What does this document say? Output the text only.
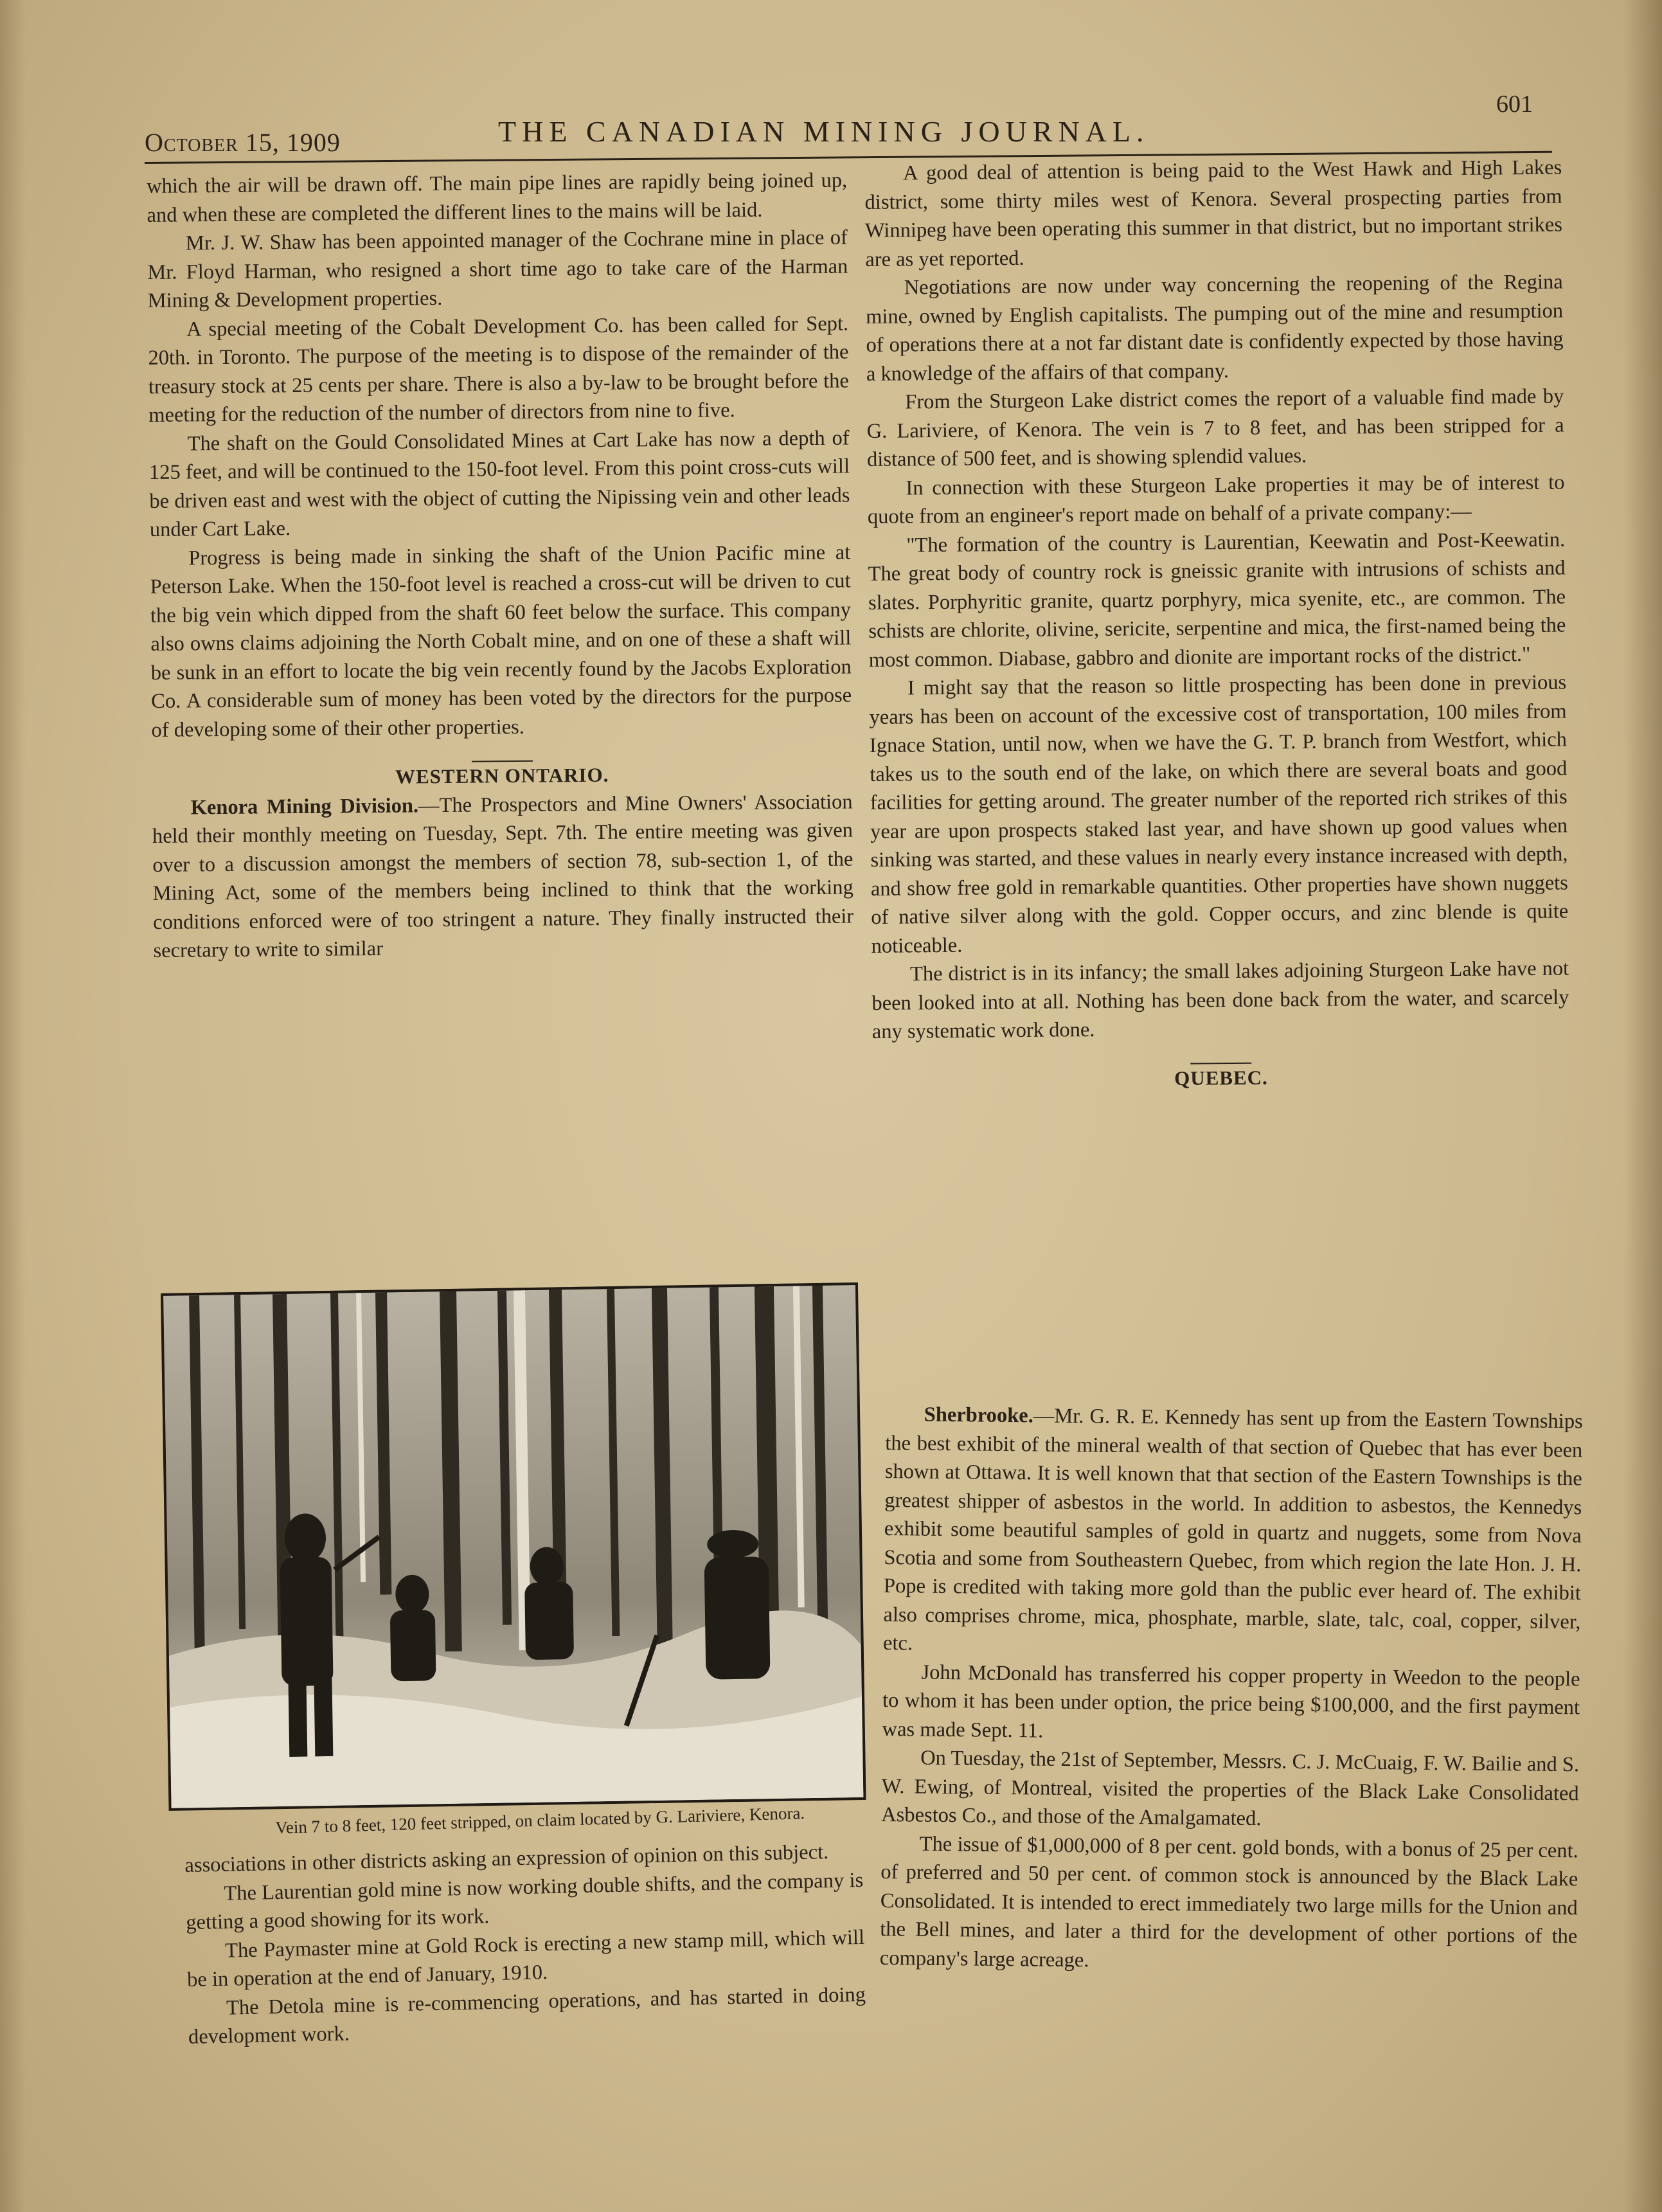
October 15, 1909	THE CANADIAN MINING JOURNAL.
601

which the air will be drawn off. The main pipe lines are rapidly being joined up, and when these are completed the different lines to the mains will be laid.

Mr. J. W. Shaw has been appointed manager of the Cochrane mine in place of Mr. Floyd Harman, who resigned a short time ago to take care of the Harman Mining & Development properties.

A special meeting of the Cobalt Development Co. has been called for Sept. 20th. in Toronto. The purpose of the meeting is to dispose of the remainder of the treasury stock at 25 cents per share. There is also a by-law to be brought before the meeting for the reduction of the number of directors from nine to five.

The shaft on the Gould Consolidated Mines at Cart Lake has now a depth of 125 feet, and will be continued to the 150-foot level. From this point cross-cuts will be driven east and west with the object of cutting the Nipissing vein and other leads under Cart Lake.

Progress is being made in sinking the shaft of the Union Pacific mine at Peterson Lake. When the 150-foot level is reached a cross-cut will be driven to cut the big vein which dipped from the shaft 60 feet below the surface. This company also owns claims adjoining the North Cobalt mine, and on one of these a shaft will be sunk in an effort to locate the big vein recently found by the Jacobs Exploration Co. A considerable sum of money has been voted by the directors for the purpose of developing some of their other properties.

WESTERN ONTARIO.

Kenora Mining Division.—The Prospectors and Mine Owners' Association held their monthly meeting on Tuesday, Sept. 7th. The entire meeting was given over to a discussion amongst the members of section 78, sub-section 1, of the Mining Act, some of the members being inclined to think that the working conditions enforced were of too stringent a nature. They finally instructed their secretary to write to similar

Vein 7 to 8 feet, 120 feet stripped, on claim located by G. Lariviere, Kenora.

associations in other districts asking an expression of opinion on this subject.

The Laurentian gold mine is now working double shifts, and the company is getting a good showing for its work.

The Paymaster mine at Gold Rock is erecting a new stamp mill, which will be in operation at the end of January, 1910.

The Detola mine is re-commencing operations, and has started in doing development work.

A good deal of attention is being paid to the West Hawk and High Lakes district, some thirty miles west of Kenora. Several prospecting parties from Winnipeg have been operating this summer in that district, but no important strikes are as yet reported.

Negotiations are now under way concerning the reopening of the Regina mine, owned by English capitalists. The pumping out of the mine and resumption of operations there at a not far distant date is confidently expected by those having a knowledge of the affairs of that company.

From the Sturgeon Lake district comes the report of a valuable find made by G. Lariviere, of Kenora. The vein is 7 to 8 feet, and has been stripped for a distance of 500 feet, and is showing splendid values.

In connection with these Sturgeon Lake properties it may be of interest to quote from an engineer's report made on behalf of a private company:—

"The formation of the country is Laurentian, Keewatin and Post-Keewatin. The great body of country rock is gneissic granite with intrusions of schists and slates. Porphyritic granite, quartz porphyry, mica syenite, etc., are common. The schists are chlorite, olivine, sericite, serpentine and mica, the first-named being the most common. Diabase, gabbro and dionite are important rocks of the district."

I might say that the reason so little prospecting has been done in previous years has been on account of the excessive cost of transportation, 100 miles from Ignace Station, until now, when we have the G. T. P. branch from Westfort, which takes us to the south end of the lake, on which there are several boats and good facilities for getting around. The greater number of the reported rich strikes of this year are upon prospects staked last year, and have shown up good values when sinking was started, and these values in nearly every instance increased with depth, and show free gold in remarkable quantities. Other properties have shown nuggets of native silver along with the gold. Copper occurs, and zinc blende is quite noticeable.

The district is in its infancy; the small lakes adjoining Sturgeon Lake have not been looked into at all. Nothing has been done back from the water, and scarcely any systematic work done.

QUEBEC.

Sherbrooke.—Mr. G. R. E. Kennedy has sent up from the Eastern Townships the best exhibit of the mineral wealth of that section of Quebec that has ever been shown at Ottawa. It is well known that that section of the Eastern Townships is the greatest shipper of asbestos in the world. In addition to asbestos, the Kennedys exhibit some beautiful samples of gold in quartz and nuggets, some from Nova Scotia and some from Southeastern Quebec, from which region the late Hon. J. H. Pope is credited with taking more gold than the public ever heard of. The exhibit also comprises chrome, mica, phosphate, marble, slate, talc, coal, copper, silver, etc.

John McDonald has transferred his copper property in Weedon to the people to whom it has been under option, the price being $100,000, and the first payment was made Sept. 11.

On Tuesday, the 21st of September, Messrs. C. J. McCuaig, F. W. Bailie and S. W. Ewing, of Montreal, visited the properties of the Black Lake Consolidated Asbestos Co., and those of the Amalgamated.

The issue of $1,000,000 of 8 per cent. gold bonds, with a bonus of 25 per cent. of preferred and 50 per cent. of common stock is announced by the Black Lake Consolidated. It is intended to erect immediately two large mills for the Union and the Bell mines, and later a third for the development of other portions of the company's large acreage.
